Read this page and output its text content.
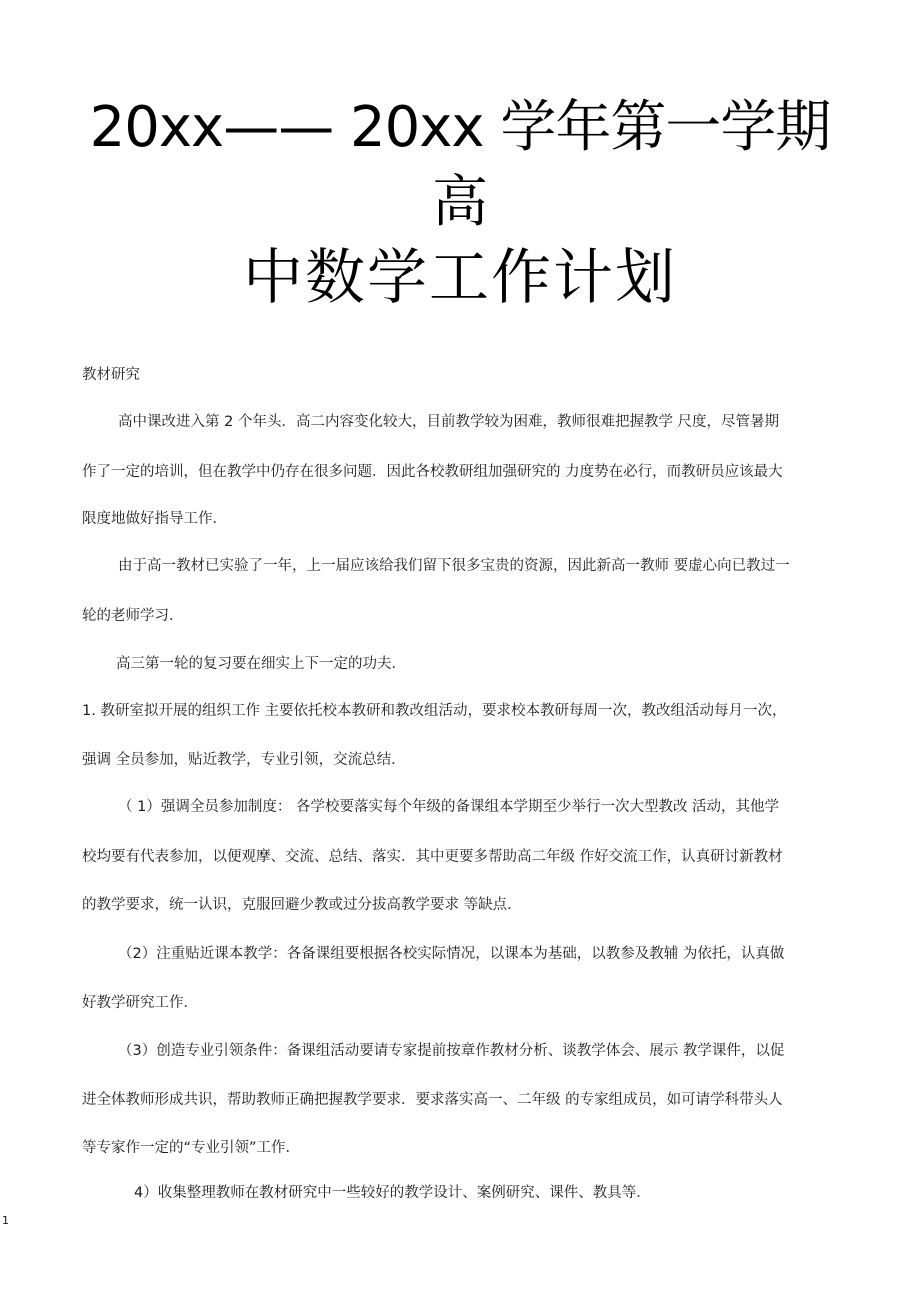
20xx—— 20xx 学年第一学期
高
中数学工作计划
教材研究
高中课改进入第 2 个年头．高二内容变化较大，目前教学较为困难，教师很难把握教学 尺度，尽管暑期
作了一定的培训，但在教学中仍存在很多问题．因此各校教研组加强研究的 力度势在必行，而教研员应该最大
限度地做好指导工作．
由于高一教材已实验了一年，上一届应该给我们留下很多宝贵的资源，因此新高一教师 要虚心向已教过一
轮的老师学习．
高三第一轮的复习要在细实上下一定的功夫．
1. 教研室拟开展的组织工作 主要依托校本教研和教改组活动，要求校本教研每周一次，教改组活动每月一次，
强调 全员参加，贴近教学，专业引领，交流总结．
（ 1）强调全员参加制度： 各学校要落实每个年级的备课组本学期至少举行一次大型教改 活动，其他学
校均要有代表参加，以便观摩、交流、总结、落实．其中更要多帮助高二年级 作好交流工作，认真研讨新教材
的教学要求，统一认识，克服回避少教或过分拔高教学要求 等缺点．
（2）注重贴近课本教学：各备课组要根据各校实际情况，以课本为基础，以教参及教辅 为依托，认真做
好教学研究工作．
（3）创造专业引领条件：备课组活动要请专家提前按章作教材分析、谈教学体会、展示 教学课件，以促
进全体教师形成共识，帮助教师正确把握教学要求．要求落实高一、二年级 的专家组成员，如可请学科带头人
等专家作一定的“专业引领”工作．
4）收集整理教师在教材研究中一些较好的教学设计、案例研究、课件、教具等．
1
